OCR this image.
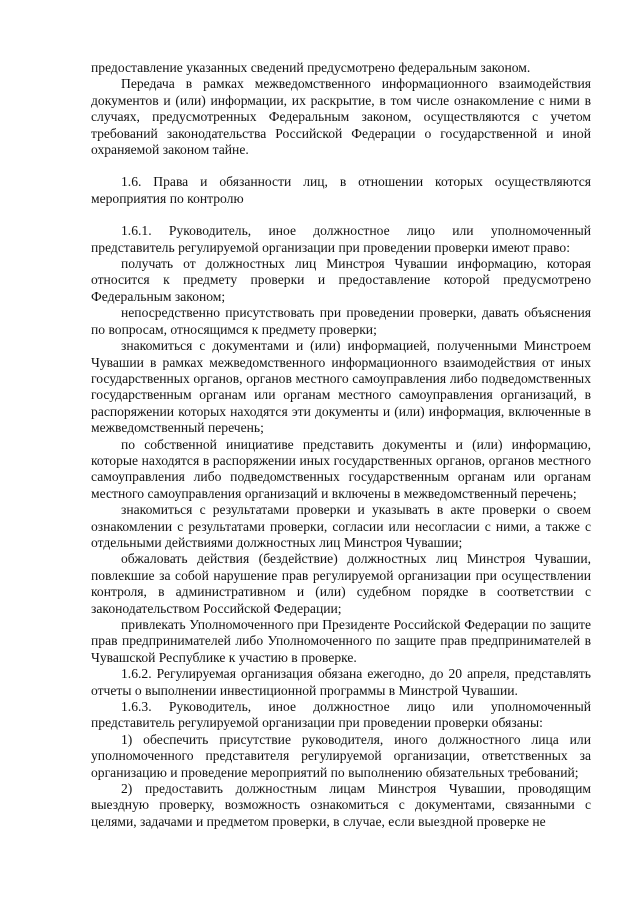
предоставление указанных сведений предусмотрено федеральным законом.

Передача в рамках межведомственного информационного взаимодействия документов и (или) информации, их раскрытие, в том числе ознакомление с ними в случаях, предусмотренных Федеральным законом, осуществляются с учетом требований законодательства Российской Федерации о государственной и иной охраняемой законом тайне.

1.6. Права и обязанности лиц, в отношении которых осуществляются мероприятия по контролю

1.6.1. Руководитель, иное должностное лицо или уполномоченный представитель регулируемой организации при проведении проверки имеют право:

получать от должностных лиц Минстроя Чувашии информацию, которая относится к предмету проверки и предоставление которой предусмотрено Федеральным законом;

непосредственно присутствовать при проведении проверки, давать объяснения по вопросам, относящимся к предмету проверки;

знакомиться с документами и (или) информацией, полученными Минстроем Чувашии в рамках межведомственного информационного взаимодействия от иных государственных органов, органов местного самоуправления либо подведомственных государственным органам или органам местного самоуправления организаций, в распоряжении которых находятся эти документы и (или) информация, включенные в межведомственный перечень;

по собственной инициативе представить документы и (или) информацию, которые находятся в распоряжении иных государственных органов, органов местного самоуправления либо подведомственных государственным органам или органам местного самоуправления организаций и включены в межведомственный перечень;

знакомиться с результатами проверки и указывать в акте проверки о своем ознакомлении с результатами проверки, согласии или несогласии с ними, а также с отдельными действиями должностных лиц Минстроя Чувашии;

обжаловать действия (бездействие) должностных лиц Минстроя Чувашии, повлекшие за собой нарушение прав регулируемой организации при осуществлении контроля, в административном и (или) судебном порядке в соответствии с законодательством Российской Федерации;

привлекать Уполномоченного при Президенте Российской Федерации по защите прав предпринимателей либо Уполномоченного по защите прав предпринимателей в Чувашской Республике к участию в проверке.

1.6.2. Регулируемая организация обязана ежегодно, до 20 апреля, представлять отчеты о выполнении инвестиционной программы в Минстрой Чувашии.

1.6.3. Руководитель, иное должностное лицо или уполномоченный представитель регулируемой организации при проведении проверки обязаны:

1) обеспечить присутствие руководителя, иного должностного лица или уполномоченного представителя регулируемой организации, ответственных за организацию и проведение мероприятий по выполнению обязательных требований;

2) предоставить должностным лицам Минстроя Чувашии, проводящим выездную проверку, возможность ознакомиться с документами, связанными с целями, задачами и предметом проверки, в случае, если выездной проверке не
